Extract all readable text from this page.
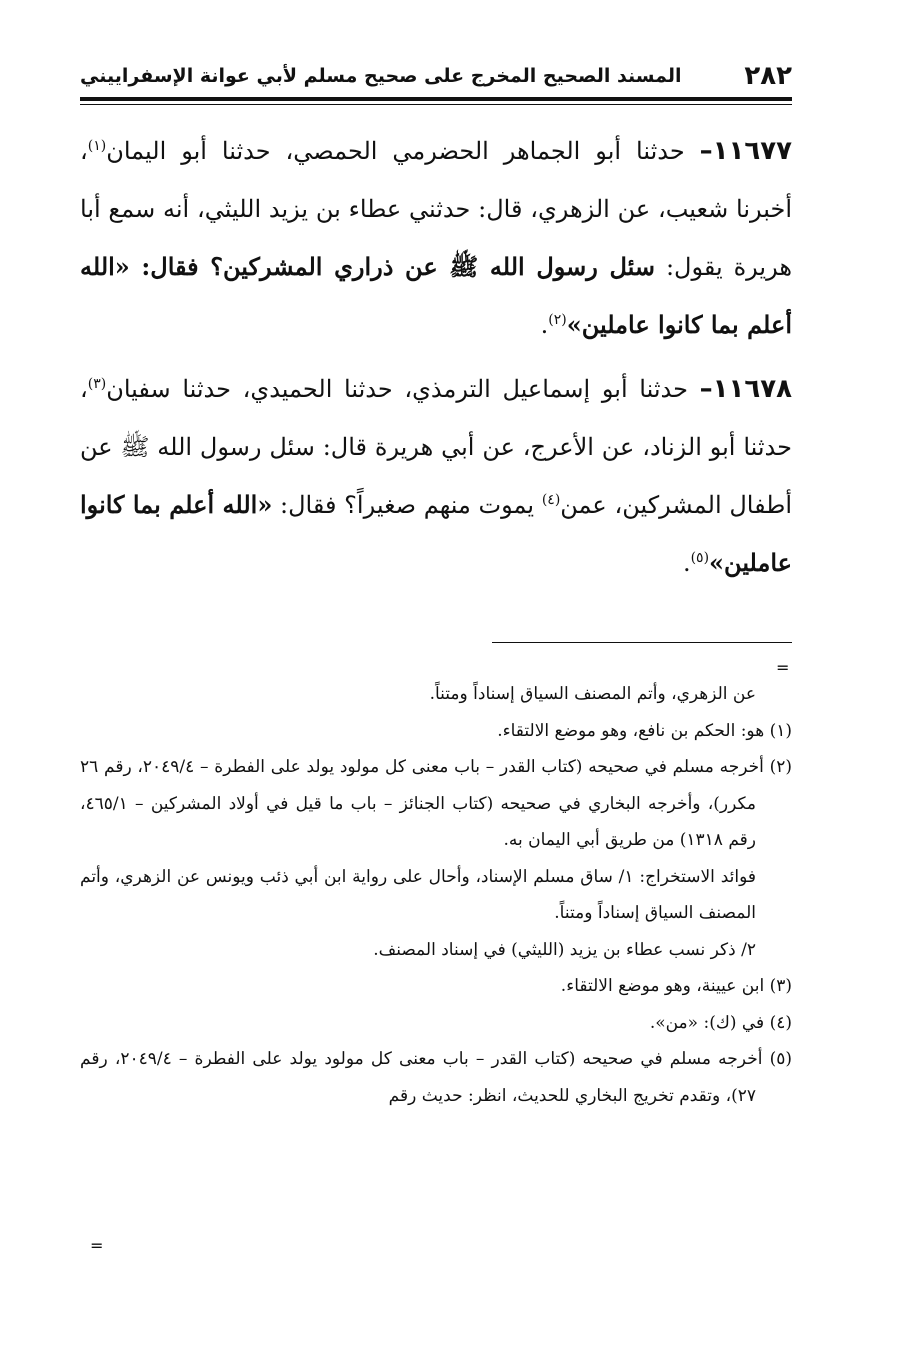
٢٨٢
المسند الصحيح المخرج على صحيح مسلم لأبي عوانة الإسفراييني

١١٦٧٧– حدثنا أبو الجماهر الحضرمي الحمصي، حدثنا أبو اليمان$^{(١)}$، أخبرنا شعيب، عن الزهري، قال: حدثني عطاء بن يزيد الليثي، أنه سمع أبا هريرة يقول: سئل رسول الله ﷺ عن ذراري المشركين؟ فقال: «الله أعلم بما كانوا عاملين»$^{(٢)}$.

١١٦٧٨– حدثنا أبو إسماعيل الترمذي، حدثنا الحميدي، حدثنا سفيان$^{(٣)}$، حدثنا أبو الزناد، عن الأعرج، عن أبي هريرة قال: سئل رسول الله ﷺ عن أطفال المشركين، عمن$^{(٤)}$ يموت منهم صغيراً؟ فقال: «الله أعلم بما كانوا عاملين»$^{(٥)}$.

=

عن الزهري، وأتم المصنف السياق إسناداً ومتناً.

(١) هو: الحكم بن نافع، وهو موضع الالتقاء.

(٢) أخرجه مسلم في صحيحه (كتاب القدر – باب معنى كل مولود يولد على الفطرة – ٢٠٤٩/٤، رقم ٢٦ مكرر)، وأخرجه البخاري في صحيحه (كتاب الجنائز – باب ما قيل في أولاد المشركين – ٤٦٥/١، رقم ١٣١٨) من طريق أبي اليمان به.

فوائد الاستخراج: ١/ ساق مسلم الإسناد، وأحال على رواية ابن أبي ذئب ويونس عن الزهري، وأتم المصنف السياق إسناداً ومتناً.

٢/ ذكر نسب عطاء بن يزيد (الليثي) في إسناد المصنف.

(٣) ابن عيينة، وهو موضع الالتقاء.

(٤) في (ك): «من».

(٥) أخرجه مسلم في صحيحه (كتاب القدر – باب معنى كل مولود يولد على الفطرة – ٢٠٤٩/٤، رقم ٢٧)، وتقدم تخريج البخاري للحديث، انظر: حديث رقم

=
